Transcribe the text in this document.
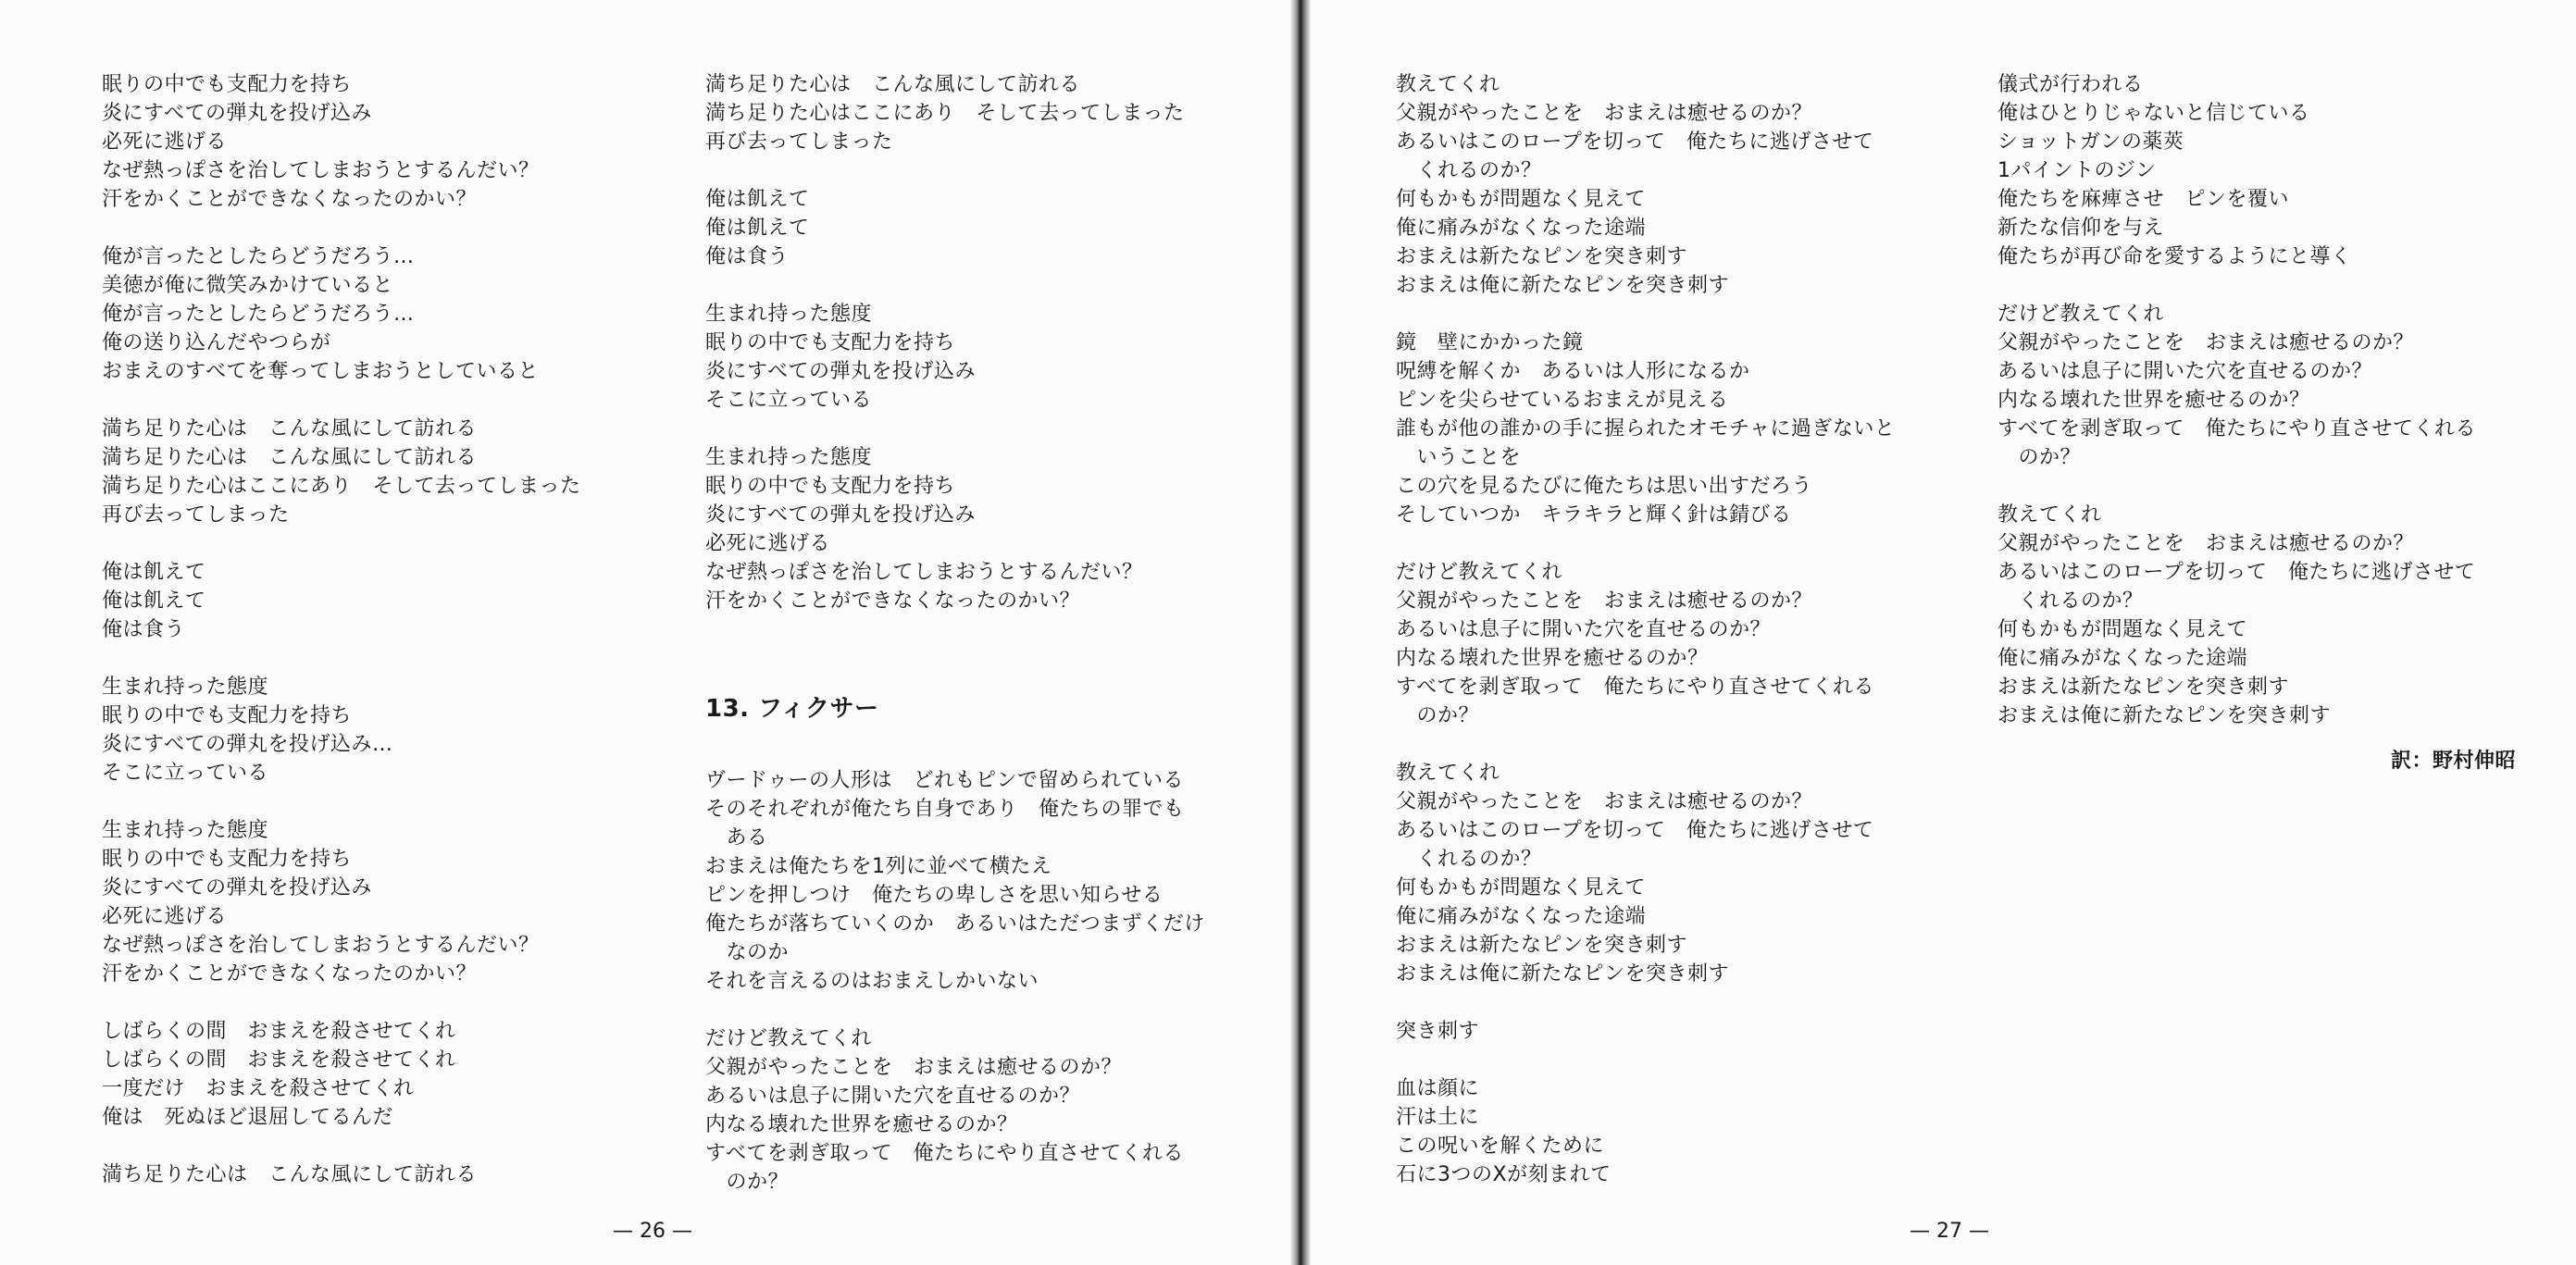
眠りの中でも支配力を持ち
炎にすべての弾丸を投げ込み
必死に逃げる
なぜ熱っぽさを治してしまおうとするんだい？
汗をかくことができなくなったのかい？
俺が言ったとしたらどうだろう…
美徳が俺に微笑みかけていると
俺が言ったとしたらどうだろう…
俺の送り込んだやつらが
おまえのすべてを奪ってしまおうとしていると
満ち足りた心は　こんな風にして訪れる
満ち足りた心は　こんな風にして訪れる
満ち足りた心はここにあり　そして去ってしまった
再び去ってしまった
俺は飢えて
俺は飢えて
俺は食う
生まれ持った態度
眠りの中でも支配力を持ち
炎にすべての弾丸を投げ込み…
そこに立っている
生まれ持った態度
眠りの中でも支配力を持ち
炎にすべての弾丸を投げ込み
必死に逃げる
なぜ熱っぽさを治してしまおうとするんだい？
汗をかくことができなくなったのかい？
しばらくの間　おまえを殺させてくれ
しばらくの間　おまえを殺させてくれ
一度だけ　おまえを殺させてくれ
俺は　死ぬほど退屈してるんだ
満ち足りた心は　こんな風にして訪れる
満ち足りた心は　こんな風にして訪れる
満ち足りた心はここにあり　そして去ってしまった
再び去ってしまった
俺は飢えて
俺は飢えて
俺は食う
生まれ持った態度
眠りの中でも支配力を持ち
炎にすべての弾丸を投げ込み
そこに立っている
生まれ持った態度
眠りの中でも支配力を持ち
炎にすべての弾丸を投げ込み
必死に逃げる
なぜ熱っぽさを治してしまおうとするんだい？
汗をかくことができなくなったのかい？
13. フィクサー
ヴードゥーの人形は　どれもピンで留められている
そのそれぞれが俺たち自身であり　俺たちの罪でも
　ある
おまえは俺たちを1列に並べて横たえ
ピンを押しつけ　俺たちの卑しさを思い知らせる
俺たちが落ちていくのか　あるいはただつまずくだけ
　なのか
それを言えるのはおまえしかいない
だけど教えてくれ
父親がやったことを　おまえは癒せるのか？
あるいは息子に開いた穴を直せるのか？
内なる壊れた世界を癒せるのか？
すべてを剥ぎ取って　俺たちにやり直させてくれる
　のか？
教えてくれ
父親がやったことを　おまえは癒せるのか？
あるいはこのロープを切って　俺たちに逃げさせて
　くれるのか？
何もかもが問題なく見えて
俺に痛みがなくなった途端
おまえは新たなピンを突き刺す
おまえは俺に新たなピンを突き刺す
鏡　壁にかかった鏡
呪縛を解くか　あるいは人形になるか
ピンを尖らせているおまえが見える
誰もが他の誰かの手に握られたオモチャに過ぎないと
　いうことを
この穴を見るたびに俺たちは思い出すだろう
そしていつか　キラキラと輝く針は錆びる
だけど教えてくれ
父親がやったことを　おまえは癒せるのか？
あるいは息子に開いた穴を直せるのか？
内なる壊れた世界を癒せるのか？
すべてを剥ぎ取って　俺たちにやり直させてくれる
　のか？
教えてくれ
父親がやったことを　おまえは癒せるのか？
あるいはこのロープを切って　俺たちに逃げさせて
　くれるのか？
何もかもが問題なく見えて
俺に痛みがなくなった途端
おまえは新たなピンを突き刺す
おまえは俺に新たなピンを突き刺す
突き刺す
血は顔に
汗は土に
この呪いを解くために
石に3つのXが刻まれて
儀式が行われる
俺はひとりじゃないと信じている
ショットガンの薬莢
1パイントのジン
俺たちを麻痺させ　ピンを覆い
新たな信仰を与え
俺たちが再び命を愛するようにと導く
だけど教えてくれ
父親がやったことを　おまえは癒せるのか？
あるいは息子に開いた穴を直せるのか？
内なる壊れた世界を癒せるのか？
すべてを剥ぎ取って　俺たちにやり直させてくれる
　のか？
教えてくれ
父親がやったことを　おまえは癒せるのか？
あるいはこのロープを切って　俺たちに逃げさせて
　くれるのか？
何もかもが問題なく見えて
俺に痛みがなくなった途端
おまえは新たなピンを突き刺す
おまえは俺に新たなピンを突き刺す
訳：野村伸昭
— 26 —	— 27 —
